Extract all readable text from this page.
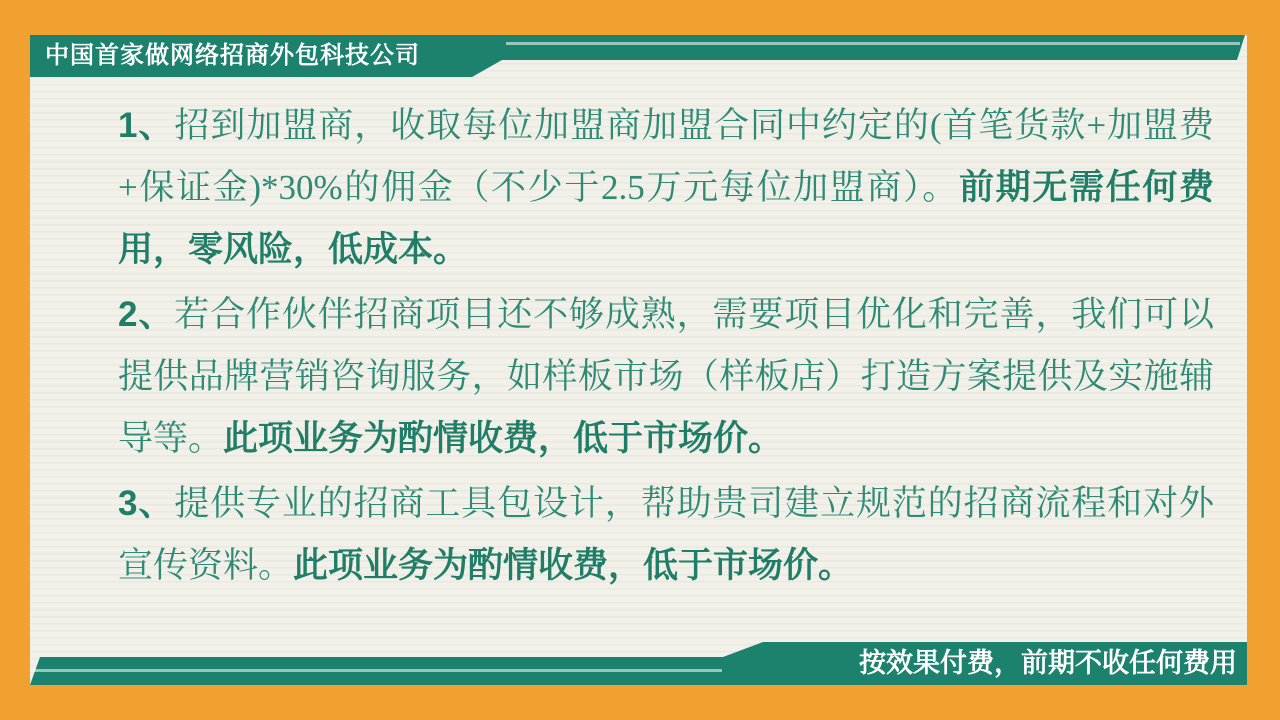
中国首家做网络招商外包科技公司

1、招到加盟商，收取每位加盟商加盟合同中约定的(首笔货款+加盟费+保证金)*30%的佣金（不少于2.5万元每位加盟商）。前期无需任何费用，零风险，低成本。

2、若合作伙伴招商项目还不够成熟，需要项目优化和完善，我们可以提供品牌营销咨询服务，如样板市场（样板店）打造方案提供及实施辅导等。此项业务为酌情收费，低于市场价。

3、提供专业的招商工具包设计，帮助贵司建立规范的招商流程和对外宣传资料。此项业务为酌情收费，低于市场价。

按效果付费，前期不收任何费用
